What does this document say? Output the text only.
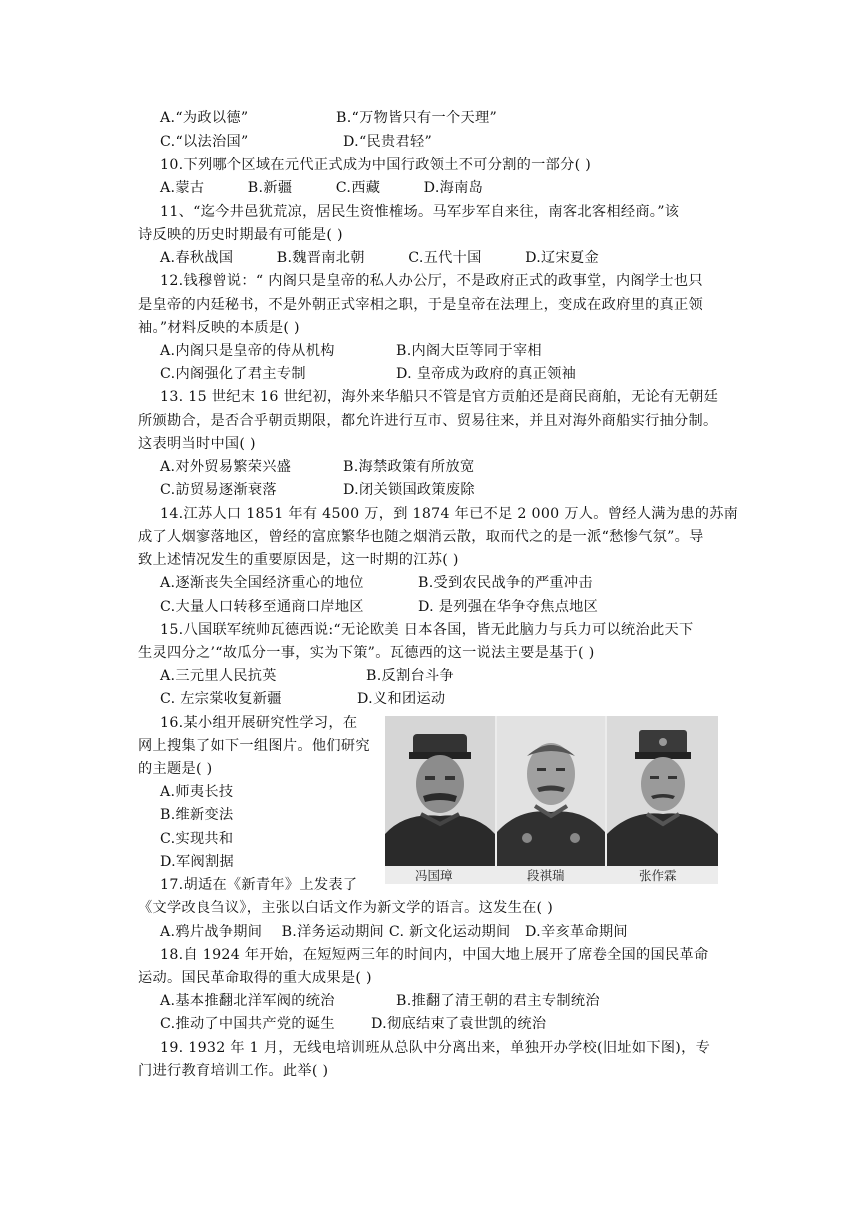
A.“为政以德”	B.“万物皆只有一个天理”
C.“以法治国”	D.“民贵君轻”
10.下列哪个区域在元代正式成为中国行政领土不可分割的一部分( )
A.蒙古　　　B.新疆　　　C.西藏　　　D.海南岛
11、“迄今井邑犹荒凉，居民生资惟榷场。马军步军自来往，南客北客相经商。”该
诗反映的历史时期最有可能是( )
A.春秋战国　　　B.魏晋南北朝　　　C.五代十国　　　D.辽宋夏金
12.钱穆曾说：“ 内阁只是皇帝的私人办公厅，不是政府正式的政事堂，内阁学士也只
是皇帝的内廷秘书，不是外朝正式宰相之职，于是皇帝在法理上，变成在政府里的真正领
袖。”材料反映的本质是( )
A.内阁只是皇帝的侍从机构	B.内阁大臣等同于宰相
C.内阁强化了君主专制	D. 皇帝成为政府的真正领袖
13. 15 世纪末 16 世纪初，海外来华船只不管是官方贡舶还是商民商舶，无论有无朝廷
所颁勘合，是否合乎朝贡期限，都允许进行互市、贸易往来，并且对海外商船实行抽分制。
这表明当时中国( )
A.对外贸易繁荣兴盛	B.海禁政策有所放宽
C.訪贸易逐渐衰落	D.闭关锁国政策废除
14.江苏人口 1851 年有 4500 万，到 1874 年已不足 2 000 万人。曾经人满为患的苏南
成了人烟寥落地区，曾经的富庶繁华也随之烟消云散，取而代之的是一派“愁惨气氛”。导
致上述情况发生的重要原因是，这一时期的江苏( )
A.逐渐丧失全国经济重心的地位	B.受到农民战争的严重冲击
C.大量人口转移至通商口岸地区	D. 是列强在华争夺焦点地区
15.八国联军统帅瓦德西说:“无论欧美 日本各国，皆无此脑力与兵力可以统治此天下
生灵四分之’“故瓜分一事，实为下策”。瓦德西的这一说法主要是基于( )
A.三元里人民抗英	B.反割台斗争
C. 左宗棠收复新疆	D.义和团运动
16.某小组开展研究性学习，在
网上搜集了如下一组图片。他们研究
的主题是( )
A.师夷长技
B.维新变法
C.实现共和
D.军阀割据
冯国璋	段祺瑞	张作霖
17.胡适在《新青年》上发表了
《文学改良刍议》，主张以白话文作为新文学的语言。这发生在( )
A.鸦片战争期间　 B.洋务运动期间 C. 新文化运动期间　D.辛亥革命期间
18.自 1924 年开始，在短短两三年的时间内，中国大地上展开了席卷全国的国民革命
运动。国民革命取得的重大成果是( )
A.基本推翻北洋军阀的统治	B.推翻了清王朝的君主专制统治
C.推动了中国共产党的诞生	D.彻底结束了袁世凯的统治
19. 1932 年 1 月，无线电培训班从总队中分离出来，单独开办学校(旧址如下图)，专
门进行教育培训工作。此举( )
